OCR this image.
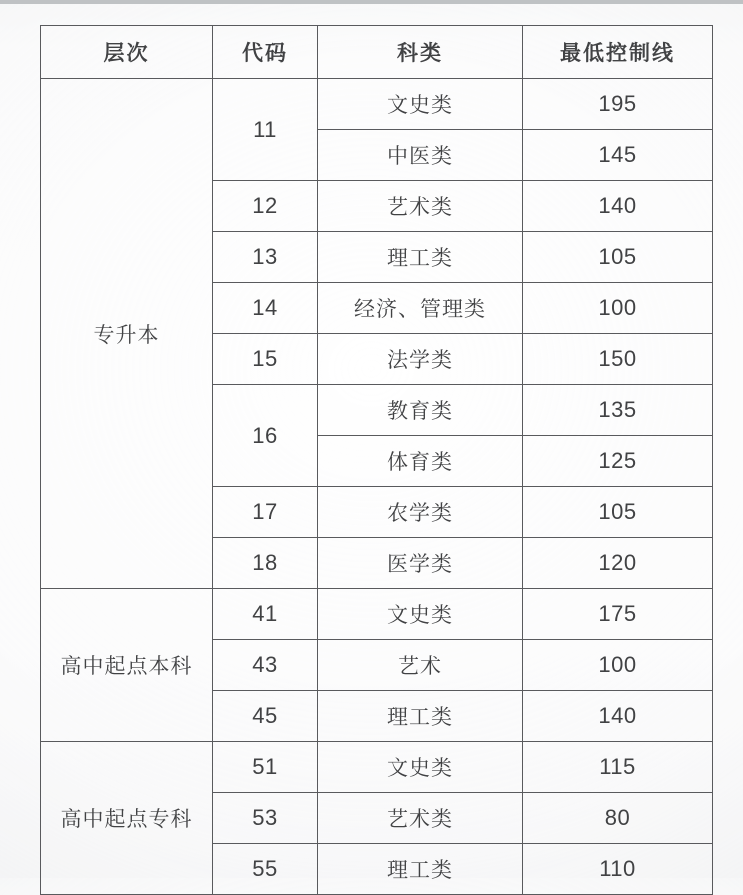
层次	代码	科类	最低控制线
专升本	11	文史类	195
		中医类	145
	12	艺术类	140
	13	理工类	105
	14	经济、管理类	100
	15	法学类	150
	16	教育类	135
		体育类	125
	17	农学类	105
	18	医学类	120
高中起点本科	41	文史类	175
	43	艺术	100
	45	理工类	140
高中起点专科	51	文史类	115
	53	艺术类	80
	55	理工类	110
